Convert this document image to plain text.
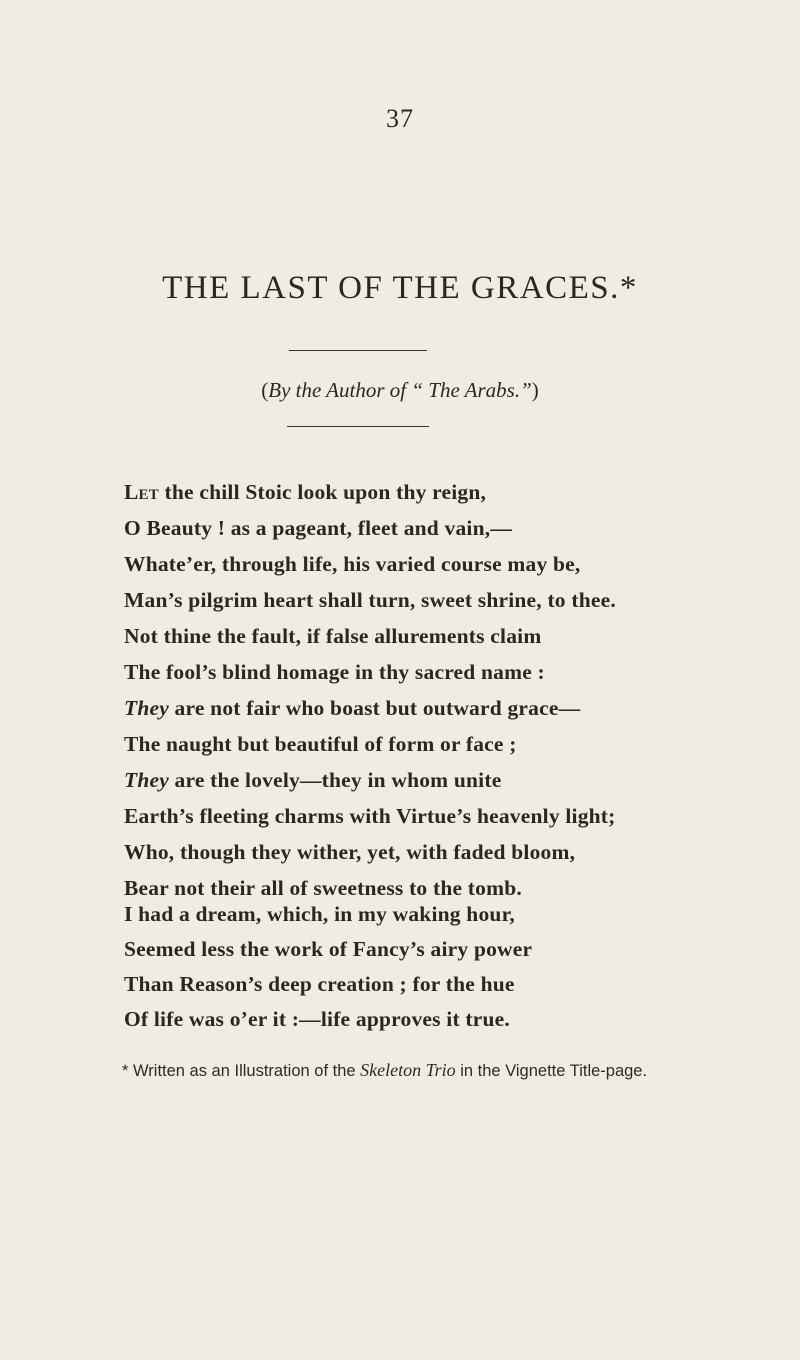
37
THE LAST OF THE GRACES.*
(By the Author of “ The Arabs.”)
Let the chill Stoic look upon thy reign,
O Beauty ! as a pageant, fleet and vain,—
Whate’er, through life, his varied course may be,
Man’s pilgrim heart shall turn, sweet shrine, to thee.
Not thine the fault, if false allurements claim
The fool’s blind homage in thy sacred name :
They are not fair who boast but outward grace—
The naught but beautiful of form or face ;
They are the lovely—they in whom unite
Earth’s fleeting charms with Virtue’s heavenly light;
Who, though they wither, yet, with faded bloom,
Bear not their all of sweetness to the tomb.
I had a dream, which, in my waking hour,
Seemed less the work of Fancy’s airy power
Than Reason’s deep creation ; for the hue
Of life was o’er it :—life approves it true.
* Written as an Illustration of the Skeleton Trio in the Vignette Title-page.
